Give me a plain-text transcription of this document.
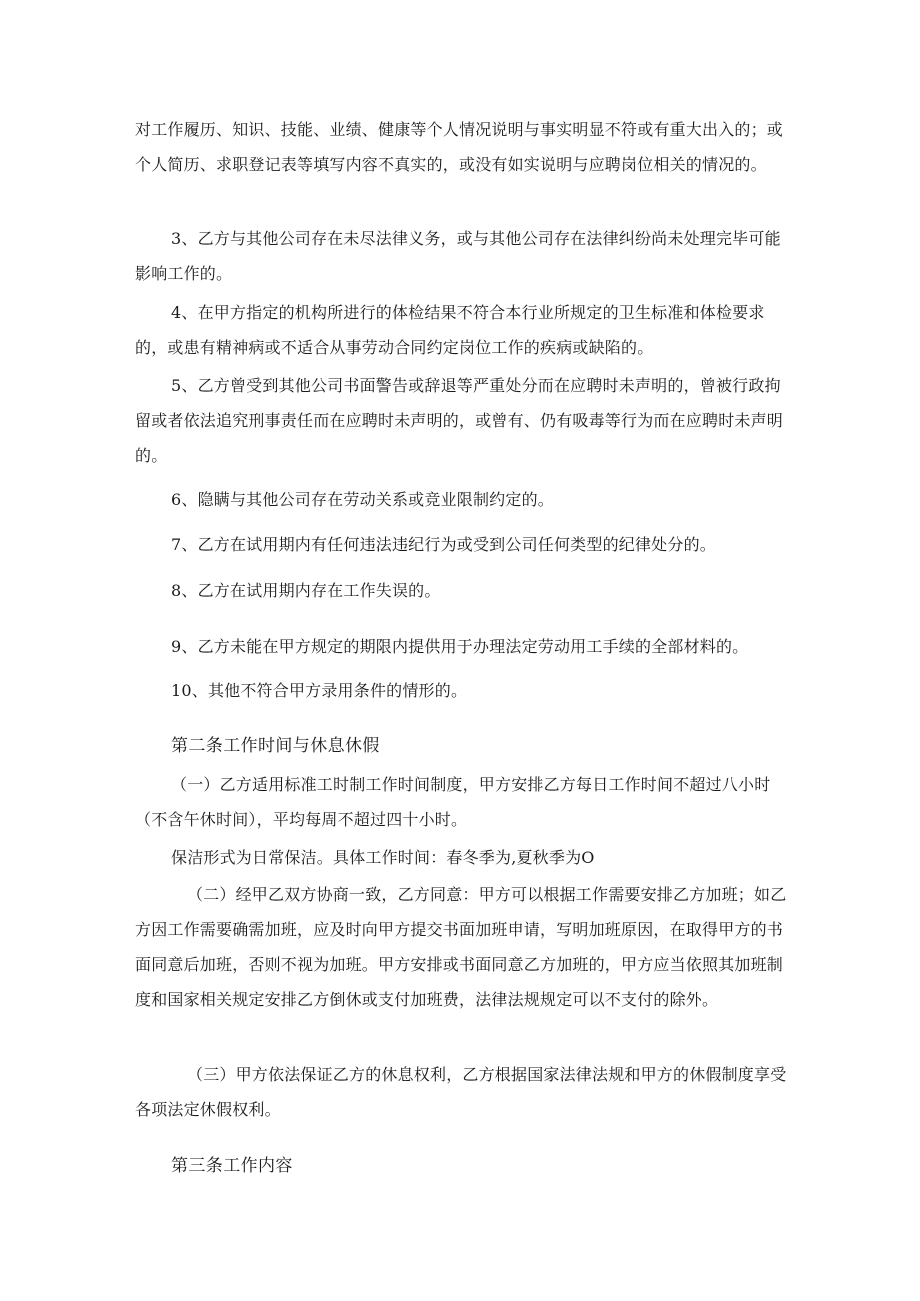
对工作履历、知识、技能、业绩、健康等个人情况说明与事实明显不符或有重大出入的；或个人简历、求职登记表等填写内容不真实的，或没有如实说明与应聘岗位相关的情况的。

3、乙方与其他公司存在未尽法律义务，或与其他公司存在法律纠纷尚未处理完毕可能影响工作的。

4、在甲方指定的机构所进行的体检结果不符合本行业所规定的卫生标准和体检要求的，或患有精神病或不适合从事劳动合同约定岗位工作的疾病或缺陷的。

5、乙方曾受到其他公司书面警告或辞退等严重处分而在应聘时未声明的，曾被行政拘留或者依法追究刑事责任而在应聘时未声明的，或曾有、仍有吸毒等行为而在应聘时未声明的。

6、隐瞒与其他公司存在劳动关系或竞业限制约定的。

7、乙方在试用期内有任何违法违纪行为或受到公司任何类型的纪律处分的。

8、乙方在试用期内存在工作失误的。

9、乙方未能在甲方规定的期限内提供用于办理法定劳动用工手续的全部材料的。

10、其他不符合甲方录用条件的情形的。

第二条工作时间与休息休假

（一）乙方适用标准工时制工作时间制度，甲方安排乙方每日工作时间不超过八小时（不含午休时间），平均每周不超过四十小时。

保洁形式为日常保洁。具体工作时间：春冬季为,夏秋季为O

（二）经甲乙双方协商一致，乙方同意：甲方可以根据工作需要安排乙方加班；如乙方因工作需要确需加班，应及时向甲方提交书面加班申请，写明加班原因，在取得甲方的书面同意后加班，否则不视为加班。甲方安排或书面同意乙方加班的，甲方应当依照其加班制度和国家相关规定安排乙方倒休或支付加班费，法律法规规定可以不支付的除外。

（三）甲方依法保证乙方的休息权利，乙方根据国家法律法规和甲方的休假制度享受各项法定休假权利。

第三条工作内容
